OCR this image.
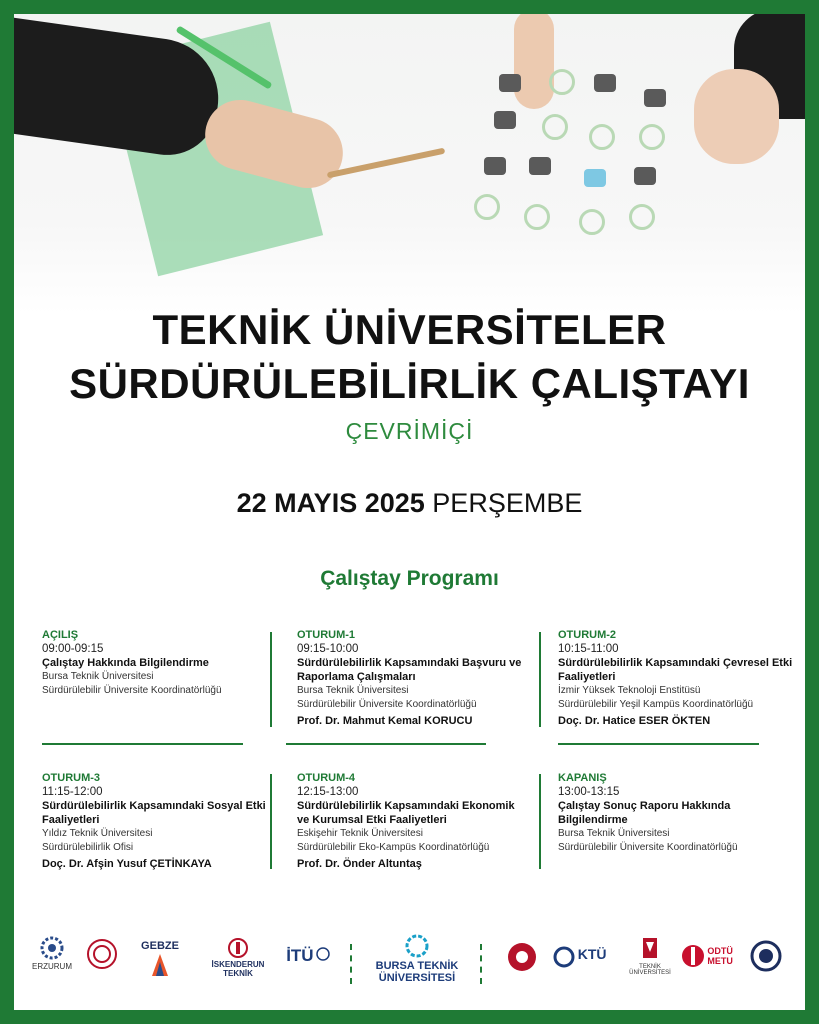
TEKNİK ÜNİVERSİTELER
SÜRDÜRÜLEBİLİRLİK ÇALIŞTAYI
ÇEVRİMİÇİ
22 MAYIS 2025 PERŞEMBE
Çalıştay Programı
AÇILIŞ
09:00-09:15
Çalıştay Hakkında Bilgilendirme
Bursa Teknik Üniversitesi
Sürdürülebilir Üniversite Koordinatörlüğü
OTURUM-1
09:15-10:00
Sürdürülebilirlik Kapsamındaki Başvuru ve Raporlama Çalışmaları
Bursa Teknik Üniversitesi
Sürdürülebilir Üniversite Koordinatörlüğü
Prof. Dr. Mahmut Kemal KORUCU
OTURUM-2
10:15-11:00
Sürdürülebilirlik Kapsamındaki Çevresel Etki Faaliyetleri
İzmir Yüksek Teknoloji Enstitüsü
Sürdürülebilir Yeşil Kampüs Koordinatörlüğü
Doç. Dr. Hatice ESER ÖKTEN
OTURUM-3
11:15-12:00
Sürdürülebilirlik Kapsamındaki Sosyal Etki Faaliyetleri
Yıldız Teknik Üniversitesi
Sürdürülebilirlik Ofisi
Doç. Dr. Afşin Yusuf ÇETİNKAYA
OTURUM-4
12:15-13:00
Sürdürülebilirlik Kapsamındaki Ekonomik ve Kurumsal Etki Faaliyetleri
Eskişehir Teknik Üniversitesi
Sürdürülebilir Eko-Kampüs Koordinatörlüğü
Prof. Dr. Önder Altuntaş
KAPANIŞ
13:00-13:15
Çalıştay Sonuç Raporu Hakkında Bilgilendirme
Bursa Teknik Üniversitesi
Sürdürülebilir Üniversite Koordinatörlüğü
ERZURUM
GEBZE
İSKENDERUN TEKNİK
İTÜ
BURSA TEKNİK
ÜNİVERSİTESİ
KTÜ
TEKNİK ÜNİVERSİTESİ

ODTÜ
METU
